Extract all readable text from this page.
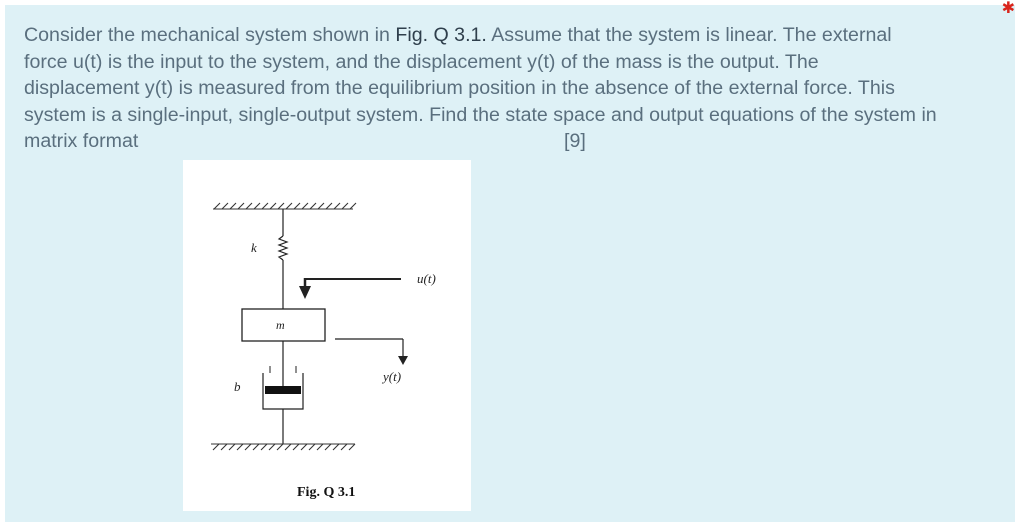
Consider the mechanical system shown in Fig. Q 3.1. Assume that the system is linear. The external
force u(t) is the input to the system, and the displacement y(t) of the mass is the output. The
displacement y(t) is measured from the equilibrium position in the absence of the external force. This
system is a single-input, single-output system. Find the state space and output equations of the system in
matrix format	[9]
✱
k
u(t)
m
y(t)
b
Fig. Q 3.1
